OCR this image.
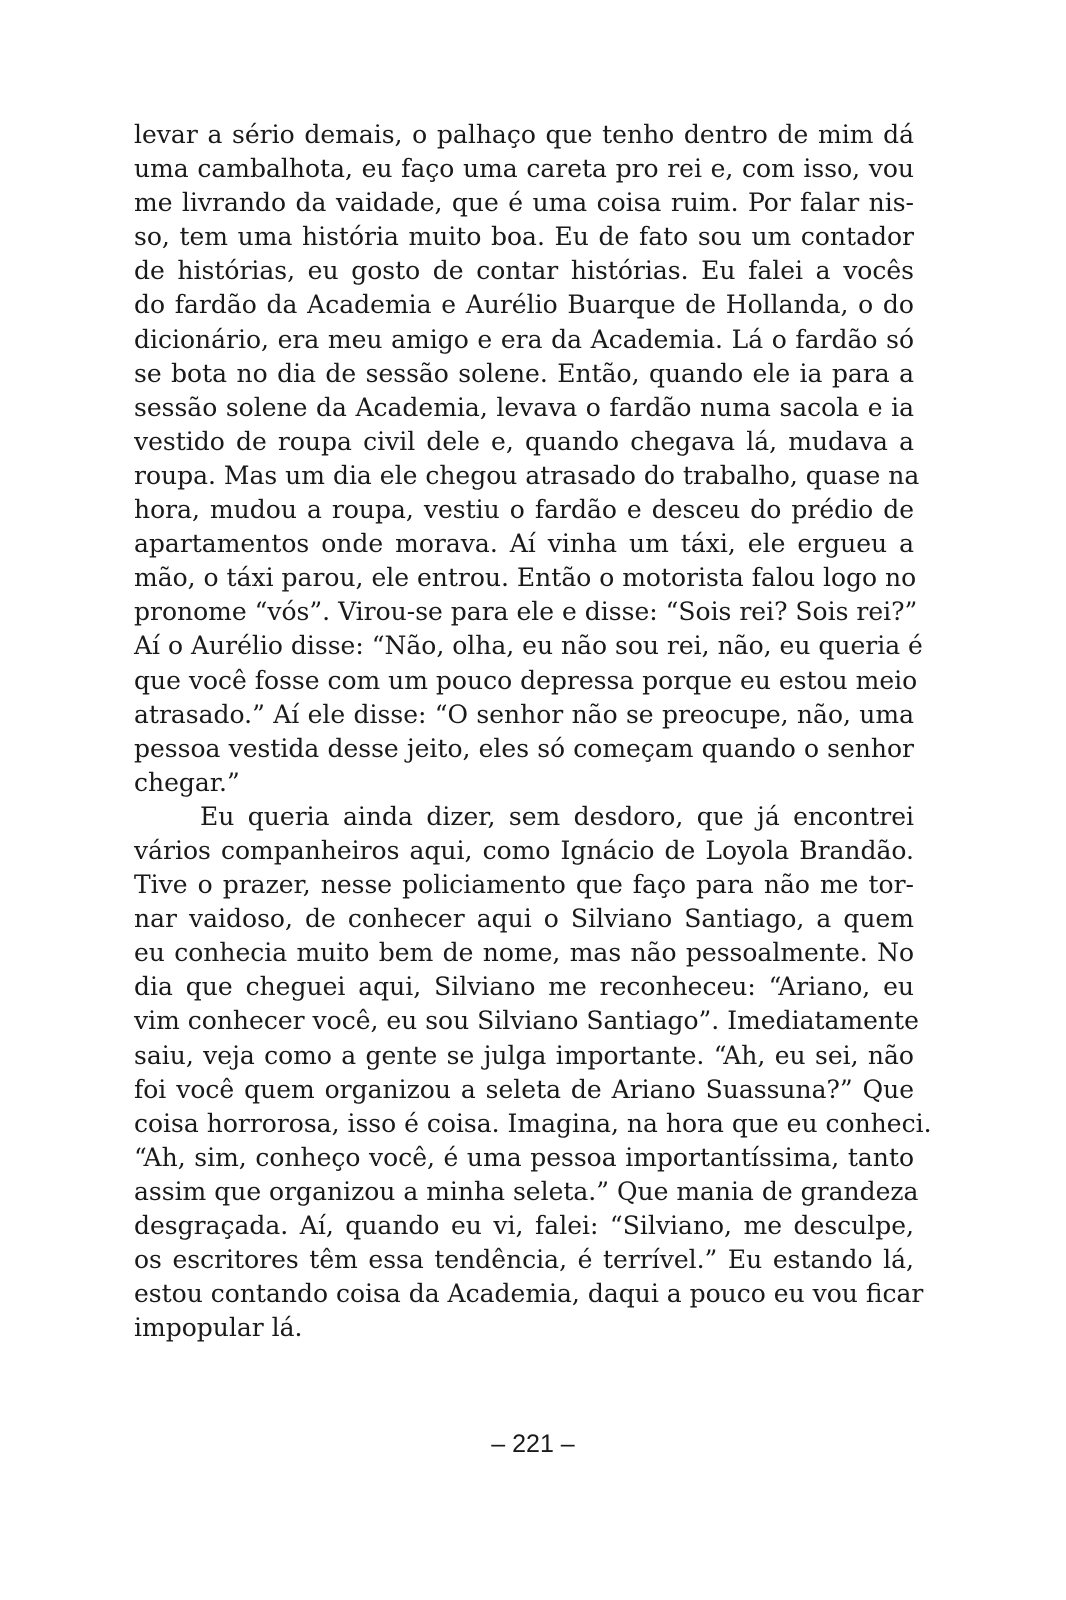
levar a sério demais, o palhaço que tenho dentro de mim dá
uma cambalhota, eu faço uma careta pro rei e, com isso, vou
me livrando da vaidade, que é uma coisa ruim. Por falar nis-
so, tem uma história muito boa. Eu de fato sou um contador
de histórias, eu gosto de contar histórias. Eu falei a vocês
do fardão da Academia e Aurélio Buarque de Hollanda, o do
dicionário, era meu amigo e era da Academia. Lá o fardão só
se bota no dia de sessão solene. Então, quando ele ia para a
sessão solene da Academia, levava o fardão numa sacola e ia
vestido de roupa civil dele e, quando chegava lá, mudava a
roupa. Mas um dia ele chegou atrasado do trabalho, quase na
hora, mudou a roupa, vestiu o fardão e desceu do prédio de
apartamentos onde morava. Aí vinha um táxi, ele ergueu a
mão, o táxi parou, ele entrou. Então o motorista falou logo no
pronome “vós”. Virou-se para ele e disse: “Sois rei? Sois rei?”
Aí o Aurélio disse: “Não, olha, eu não sou rei, não, eu queria é
que você fosse com um pouco depressa porque eu estou meio
atrasado.” Aí ele disse: “O senhor não se preocupe, não, uma
pessoa vestida desse jeito, eles só começam quando o senhor
chegar.”
Eu queria ainda dizer, sem desdoro, que já encontrei
vários companheiros aqui, como Ignácio de Loyola Brandão.
Tive o prazer, nesse policiamento que faço para não me tor-
nar vaidoso, de conhecer aqui o Silviano Santiago, a quem
eu conhecia muito bem de nome, mas não pessoalmente. No
dia que cheguei aqui, Silviano me reconheceu: “Ariano, eu
vim conhecer você, eu sou Silviano Santiago”. Imediatamente
saiu, veja como a gente se julga importante. “Ah, eu sei, não
foi você quem organizou a seleta de Ariano Suassuna?” Que
coisa horrorosa, isso é coisa. Imagina, na hora que eu conheci.
“Ah, sim, conheço você, é uma pessoa importantíssima, tanto
assim que organizou a minha seleta.” Que mania de grandeza
desgraçada. Aí, quando eu vi, falei: “Silviano, me desculpe,
os escritores têm essa tendência, é terrível.” Eu estando lá,
estou contando coisa da Academia, daqui a pouco eu vou ficar
impopular lá.
– 221 –
